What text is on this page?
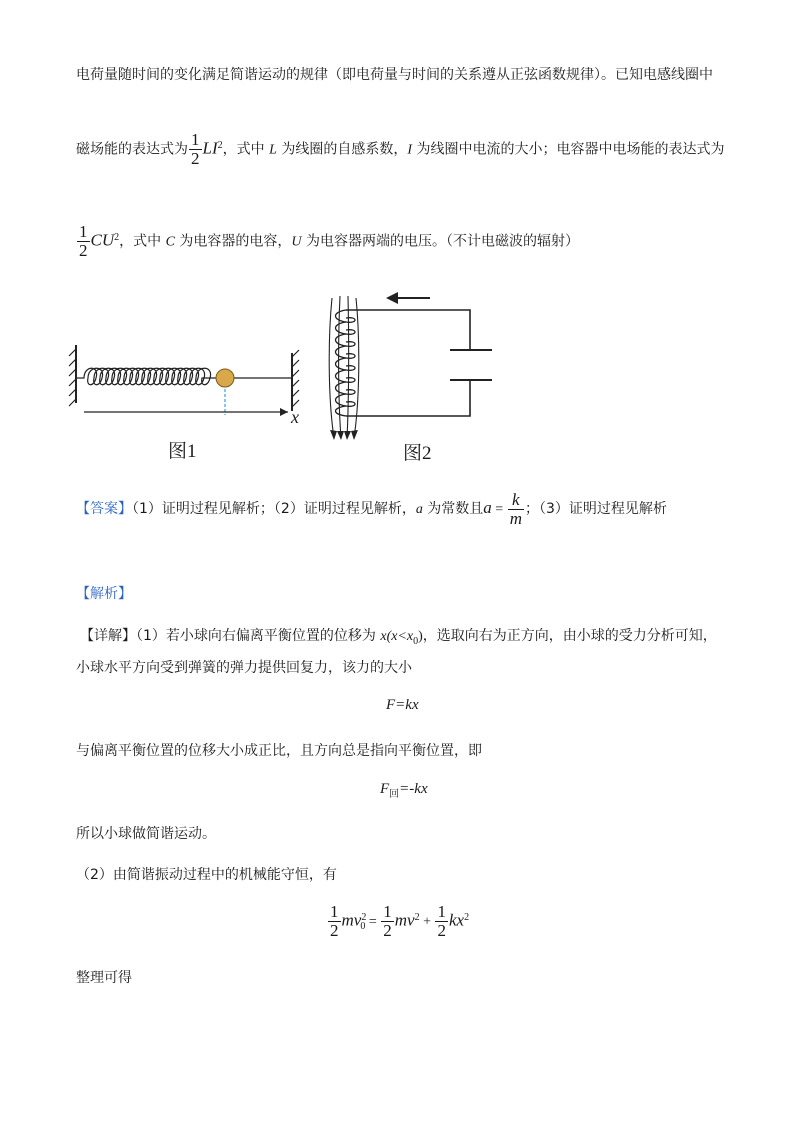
电荷量随时间的变化满足简谐运动的规律（即电荷量与时间的关系遵从正弦函数规律）。已知电感线圈中
磁场能的表达式为 $\frac{1}{2} LI^2$，式中 L 为线圈的自感系数，I 为线圈中电流的大小；电容器中电场能的表达式为
$\frac{1}{2} CU^2$，式中 C 为电容器的电容，U 为电容器两端的电压。（不计电磁波的辐射）
x
图1	图2
【答案】（1）证明过程见解析；（2）证明过程见解析，a 为常数且$a = \frac{k}{m}$ ；（3）证明过程见解析
【解析】
【详解】（1）若小球向右偏离平衡位置的位移为 $x(x<x_0)$，选取向右为正方向，由小球的受力分析可知，
小球水平方向受到弹簧的弹力提供回复力，该力的大小
F=kx
与偏离平衡位置的位移大小成正比，且方向总是指向平衡位置，即
$F_回=-kx$
所以小球做简谐运动。
（2）由简谐振动过程中的机械能守恒，有
$\frac{1}{2} mv^2_0 = \frac{1}{2} mv^2 + \frac{1}{2} kx^2$
整理可得
